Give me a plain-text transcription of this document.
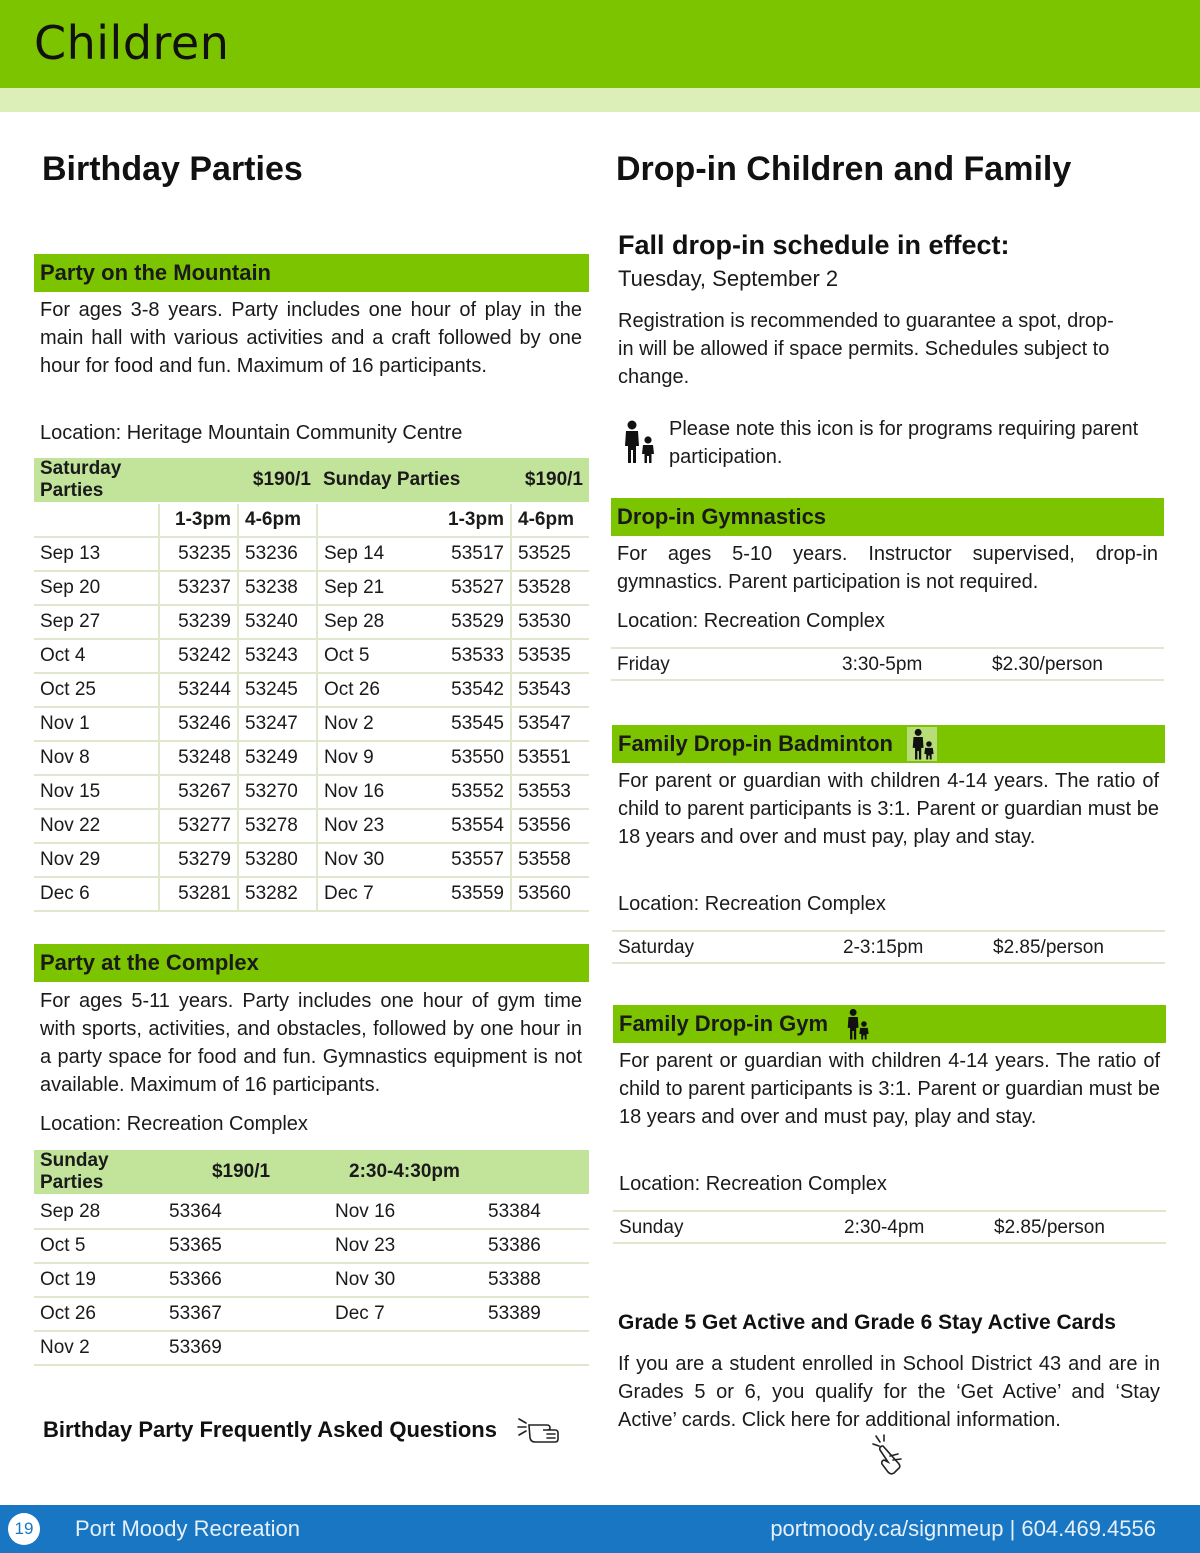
Children
Birthday Parties
Party on the Mountain
For ages 3-8 years. Party includes one hour of play in the main hall with various activities and a craft followed by one hour for food and fun. Maximum of 16 participants.
Location: Heritage Mountain Community Centre
Saturday Parties	$190/1		Sunday Parties		$190/1
	1-3pm	4-6pm		1-3pm	4-6pm
Sep 13	53235	53236	Sep 14	53517	53525
Sep 20	53237	53238	Sep 21	53527	53528
Sep 27	53239	53240	Sep 28	53529	53530
Oct 4	53242	53243	Oct 5	53533	53535
Oct 25	53244	53245	Oct 26	53542	53543
Nov 1	53246	53247	Nov 2	53545	53547
Nov 8	53248	53249	Nov 9	53550	53551
Nov 15	53267	53270	Nov 16	53552	53553
Nov 22	53277	53278	Nov 23	53554	53556
Nov 29	53279	53280	Nov 30	53557	53558
Dec 6	53281	53282	Dec 7	53559	53560
Party at the Complex
For ages 5-11 years. Party includes one hour of gym time with sports, activities, and obstacles, followed by one hour in a party space for food and fun. Gymnastics equipment is not available. Maximum of 16 participants.
Location: Recreation Complex
Sunday Parties	$190/1	2:30-4:30pm	
Sep 28	53364	Nov 16	53384
Oct 5	53365	Nov 23	53386
Oct 19	53366	Nov 30	53388
Oct 26	53367	Dec 7	53389
Nov 2	53369		
Birthday Party Frequently Asked Questions
Drop-in Children and Family
Fall drop-in schedule in effect:
Tuesday, September 2
Registration is recommended to guarantee a spot, drop-in will be allowed if space permits. Schedules subject to change.
Please note this icon is for programs requiring parent participation.
Drop-in Gymnastics
For ages 5-10 years. Instructor supervised, drop-in gymnastics. Parent participation is not required.
Location: Recreation Complex
Friday	3:30-5pm	$2.30/person
Family Drop-in Badminton
For parent or guardian with children 4-14 years. The ratio of child to parent participants is 3:1. Parent or guardian must be 18 years and over and must pay, play and stay.
Location: Recreation Complex
Saturday	2-3:15pm	$2.85/person
Family Drop-in Gym
For parent or guardian with children 4-14 years. The ratio of child to parent participants is 3:1. Parent or guardian must be 18 years and over and must pay, play and stay.
Location: Recreation Complex
Sunday	2:30-4pm	$2.85/person
Grade 5 Get Active and Grade 6 Stay Active Cards
If you are a student enrolled in School District 43 and are in Grades 5 or 6, you qualify for the ‘Get Active’ and ‘Stay Active’ cards. Click here for additional information.
19 Port Moody Recreation	portmoody.ca/signmeup | 604.469.4556
